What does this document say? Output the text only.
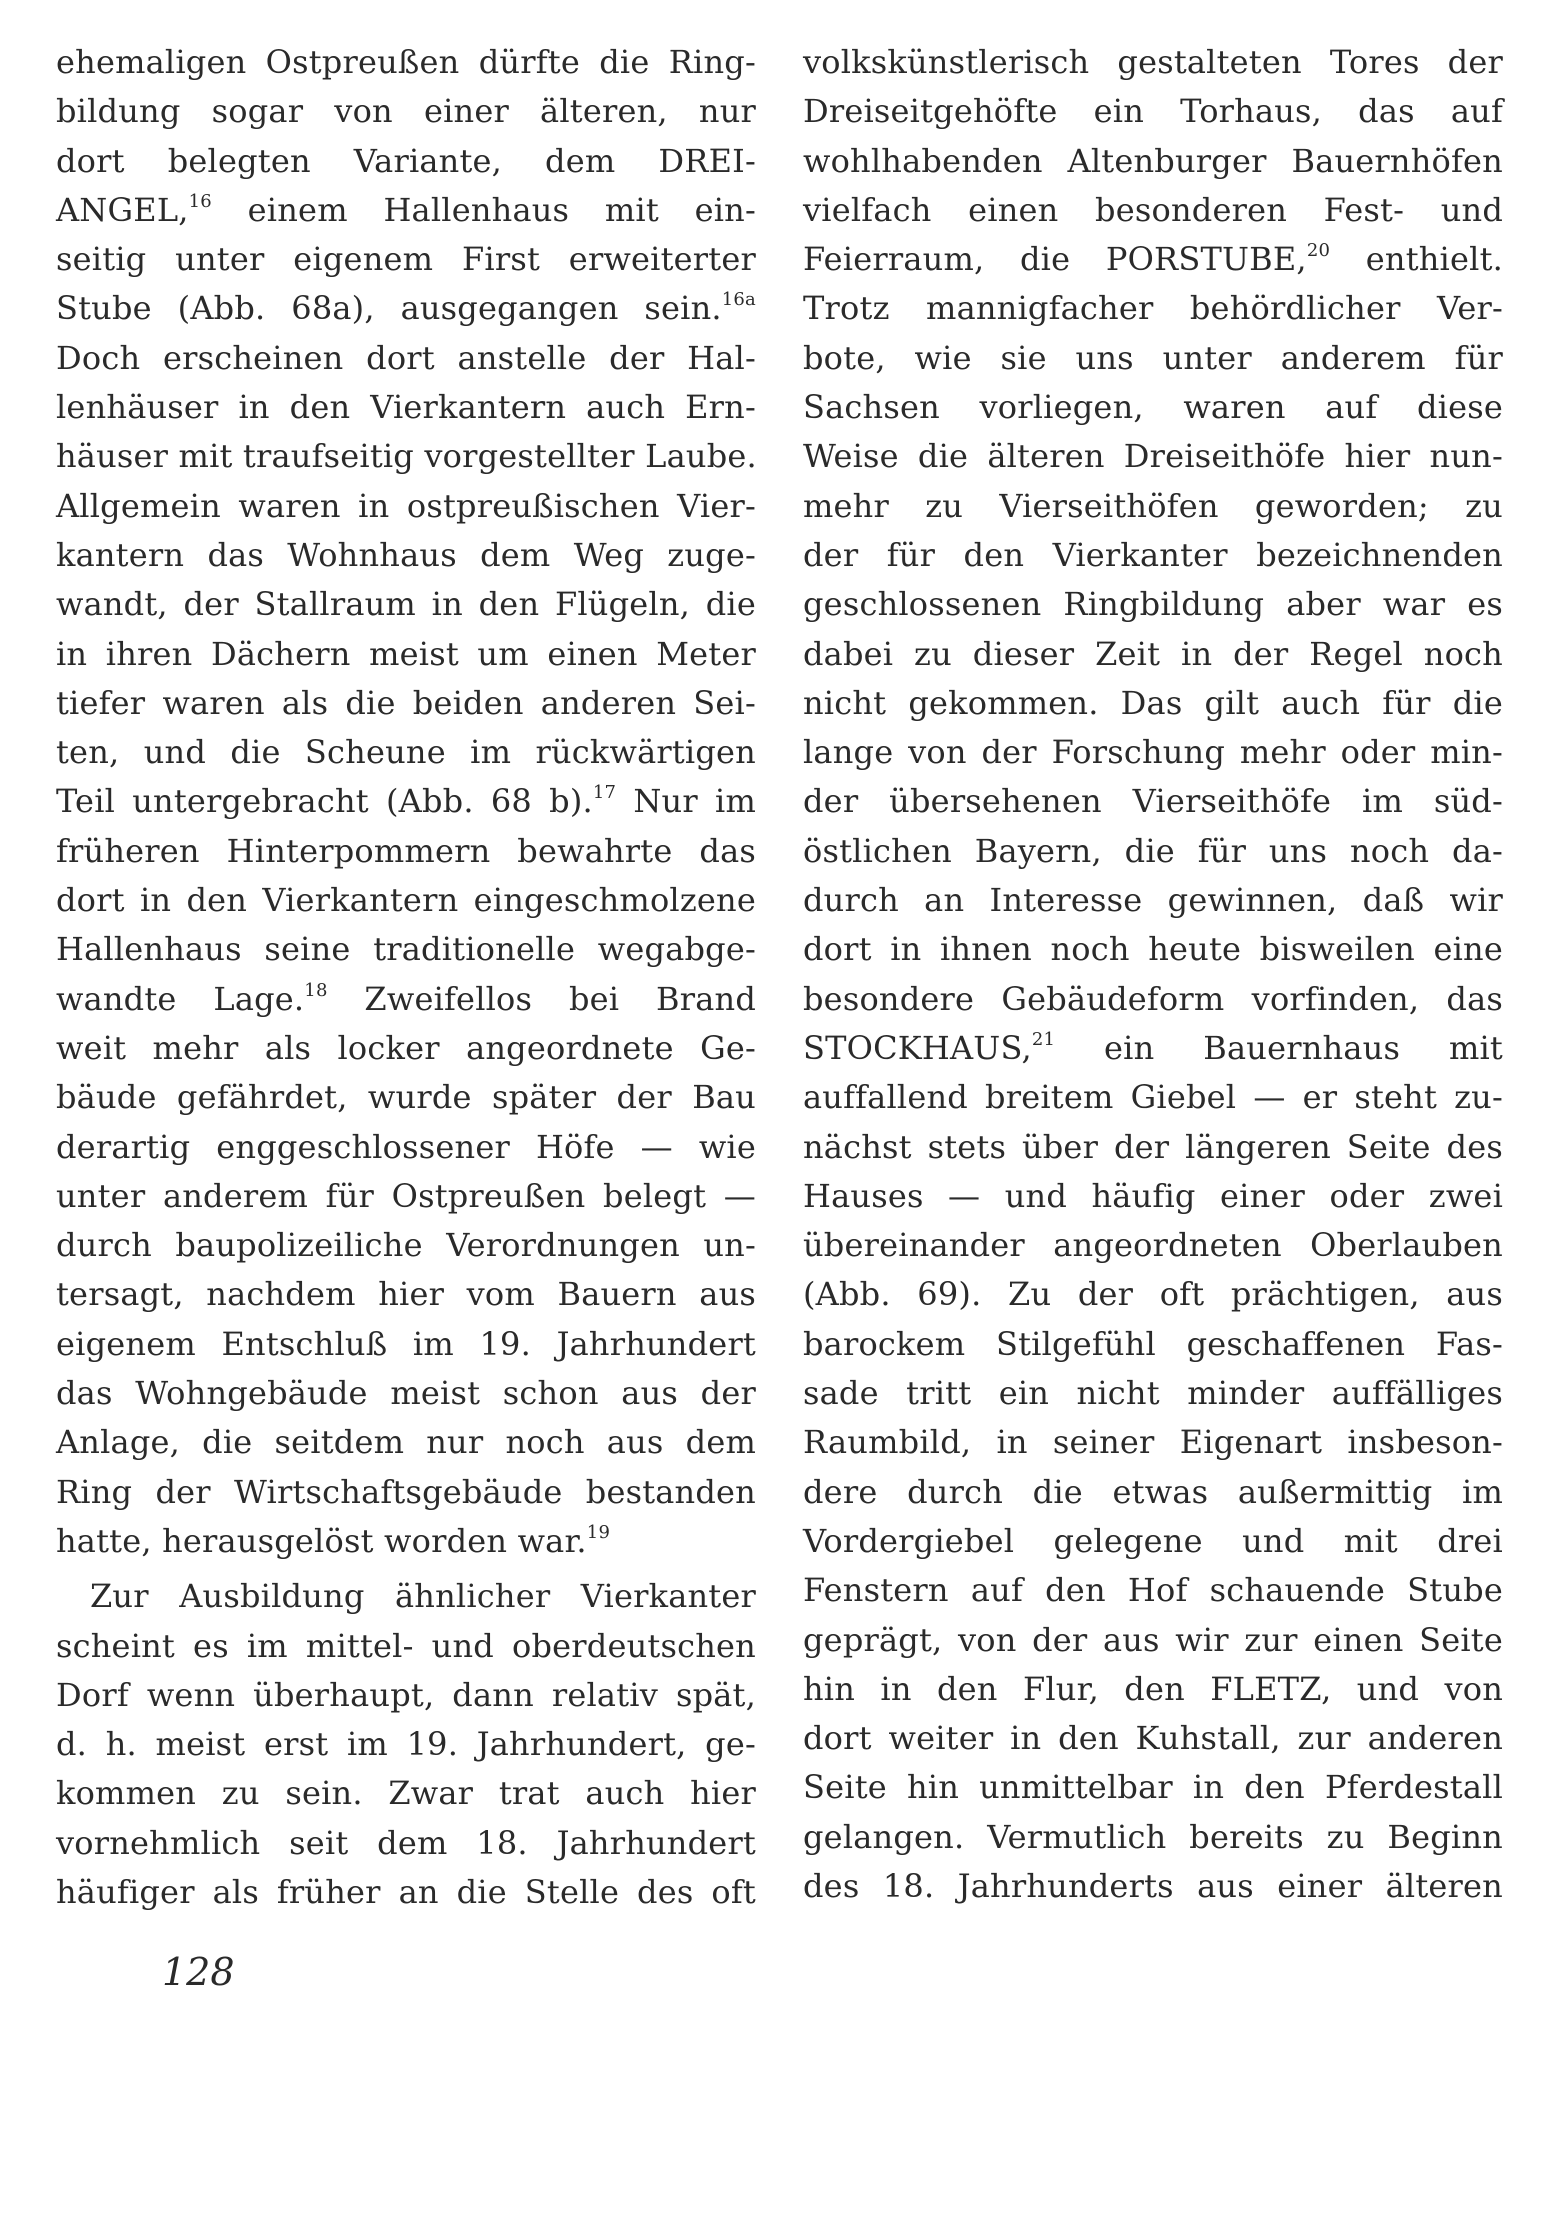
ehemaligen Ostpreußen dürfte die Ring-
bildung sogar von einer älteren, nur
dort belegten Variante, dem DREI-
ANGEL,$^{16}$ einem Hallenhaus mit ein-
seitig unter eigenem First erweiterter
Stube (Abb. 68a), ausgegangen sein.$^{16a}$
Doch erscheinen dort anstelle der Hal-
lenhäuser in den Vierkantern auch Ern-
häuser mit traufseitig vorgestellter Laube.
Allgemein waren in ostpreußischen Vier-
kantern das Wohnhaus dem Weg zuge-
wandt, der Stallraum in den Flügeln, die
in ihren Dächern meist um einen Meter
tiefer waren als die beiden anderen Sei-
ten, und die Scheune im rückwärtigen
Teil untergebracht (Abb. 68 b).$^{17}$ Nur im
früheren Hinterpommern bewahrte das
dort in den Vierkantern eingeschmolzene
Hallenhaus seine traditionelle wegabge-
wandte Lage.$^{18}$ Zweifellos bei Brand
weit mehr als locker angeordnete Ge-
bäude gefährdet, wurde später der Bau
derartig enggeschlossener Höfe — wie
unter anderem für Ostpreußen belegt —
durch baupolizeiliche Verordnungen un-
tersagt, nachdem hier vom Bauern aus
eigenem Entschluß im 19. Jahrhundert
das Wohngebäude meist schon aus der
Anlage, die seitdem nur noch aus dem
Ring der Wirtschaftsgebäude bestanden
hatte, herausgelöst worden war.$^{19}$
Zur Ausbildung ähnlicher Vierkanter
scheint es im mittel- und oberdeutschen
Dorf wenn überhaupt, dann relativ spät,
d. h. meist erst im 19. Jahrhundert, ge-
kommen zu sein. Zwar trat auch hier
vornehmlich seit dem 18. Jahrhundert
häufiger als früher an die Stelle des oft
volkskünstlerisch gestalteten Tores der
Dreiseitgehöfte ein Torhaus, das auf
wohlhabenden Altenburger Bauernhöfen
vielfach einen besonderen Fest- und
Feierraum, die PORSTUBE,$^{20}$ enthielt.
Trotz mannigfacher behördlicher Ver-
bote, wie sie uns unter anderem für
Sachsen vorliegen, waren auf diese
Weise die älteren Dreiseithöfe hier nun-
mehr zu Vierseithöfen geworden; zu
der für den Vierkanter bezeichnenden
geschlossenen Ringbildung aber war es
dabei zu dieser Zeit in der Regel noch
nicht gekommen. Das gilt auch für die
lange von der Forschung mehr oder min-
der übersehenen Vierseithöfe im süd-
östlichen Bayern, die für uns noch da-
durch an Interesse gewinnen, daß wir
dort in ihnen noch heute bisweilen eine
besondere Gebäudeform vorfinden, das
STOCKHAUS,$^{21}$ ein Bauernhaus mit
auffallend breitem Giebel — er steht zu-
nächst stets über der längeren Seite des
Hauses — und häufig einer oder zwei
übereinander angeordneten Oberlauben
(Abb. 69). Zu der oft prächtigen, aus
barockem Stilgefühl geschaffenen Fas-
sade tritt ein nicht minder auffälliges
Raumbild, in seiner Eigenart insbeson-
dere durch die etwas außermittig im
Vordergiebel gelegene und mit drei
Fenstern auf den Hof schauende Stube
geprägt, von der aus wir zur einen Seite
hin in den Flur, den FLETZ, und von
dort weiter in den Kuhstall, zur anderen
Seite hin unmittelbar in den Pferdestall
gelangen. Vermutlich bereits zu Beginn
des 18. Jahrhunderts aus einer älteren
128
